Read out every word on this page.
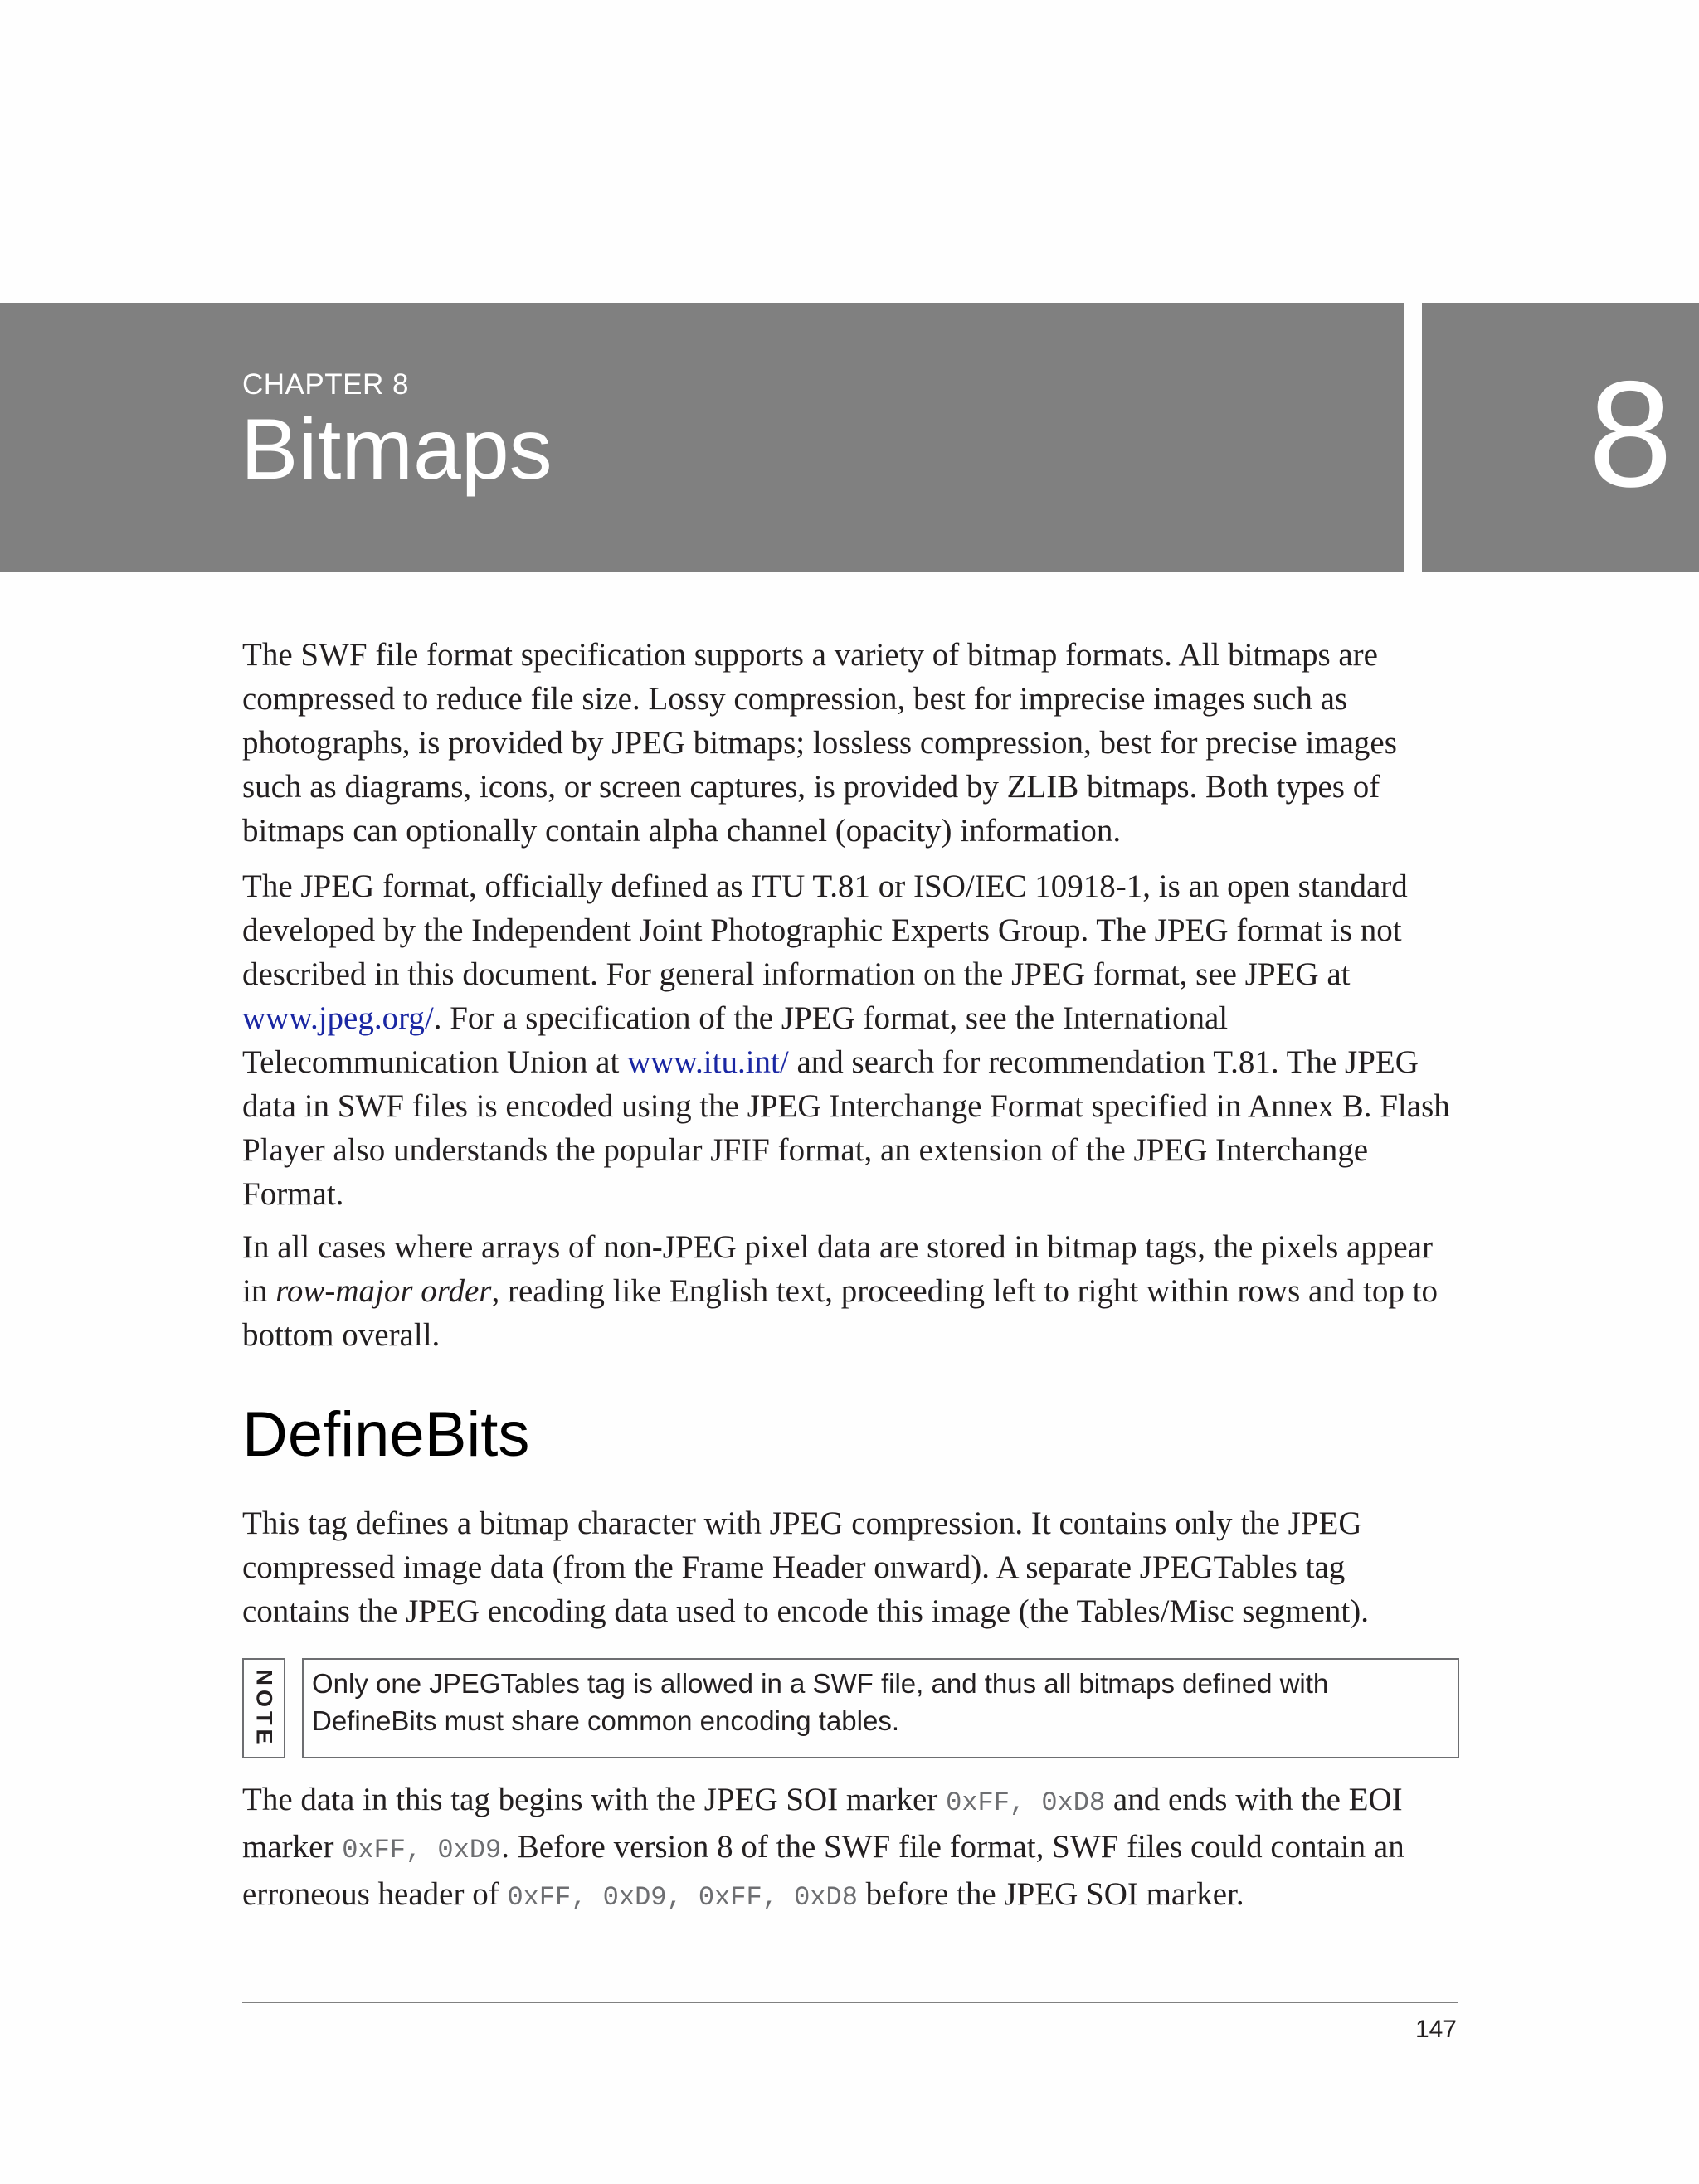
CHAPTER 8
Bitmaps	8

The SWF file format specification supports a variety of bitmap formats. All bitmaps are compressed to reduce file size. Lossy compression, best for imprecise images such as photographs, is provided by JPEG bitmaps; lossless compression, best for precise images such as diagrams, icons, or screen captures, is provided by ZLIB bitmaps. Both types of bitmaps can optionally contain alpha channel (opacity) information.

The JPEG format, officially defined as ITU T.81 or ISO/IEC 10918-1, is an open standard developed by the Independent Joint Photographic Experts Group. The JPEG format is not described in this document. For general information on the JPEG format, see JPEG at www.jpeg.org/. For a specification of the JPEG format, see the International Telecommunication Union at www.itu.int/ and search for recommendation T.81. The JPEG data in SWF files is encoded using the JPEG Interchange Format specified in Annex B. Flash Player also understands the popular JFIF format, an extension of the JPEG Interchange Format.

In all cases where arrays of non-JPEG pixel data are stored in bitmap tags, the pixels appear in row-major order, reading like English text, proceeding left to right within rows and top to bottom overall.

DefineBits

This tag defines a bitmap character with JPEG compression. It contains only the JPEG compressed image data (from the Frame Header onward). A separate JPEGTables tag contains the JPEG encoding data used to encode this image (the Tables/Misc segment).

NOTE	Only one JPEGTables tag is allowed in a SWF file, and thus all bitmaps defined with DefineBits must share common encoding tables.

The data in this tag begins with the JPEG SOI marker 0xFF, 0xD8 and ends with the EOI marker 0xFF, 0xD9. Before version 8 of the SWF file format, SWF files could contain an erroneous header of 0xFF, 0xD9, 0xFF, 0xD8 before the JPEG SOI marker.

147
